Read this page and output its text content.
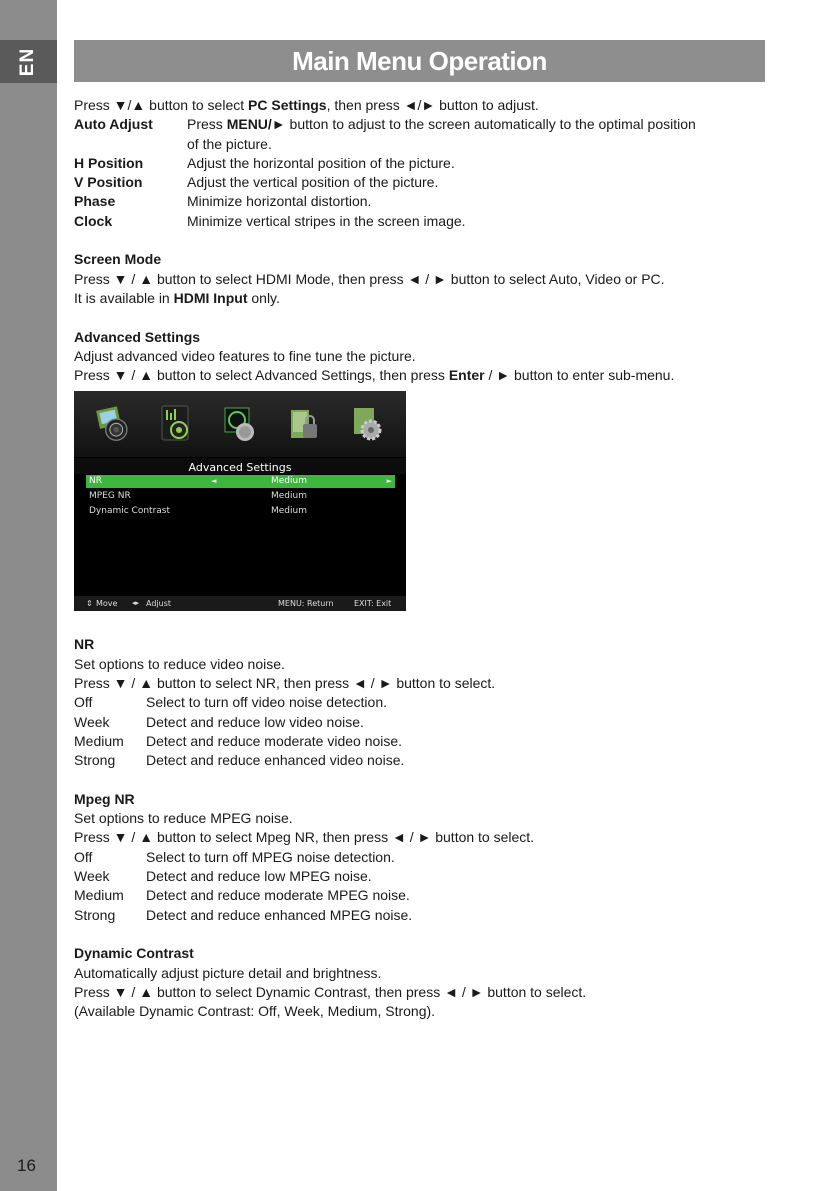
EN
16
Main Menu Operation
Press ▼/▲ button to select PC Settings, then press ◄/► button to adjust.
Auto Adjust	Press MENU/► button to adjust to the screen automatically to the optimal position
of the picture.
H Position	Adjust the horizontal position of the picture.
V Position	Adjust the vertical position of the picture.
Phase	Minimize horizontal distortion.
Clock	Minimize vertical stripes in the screen image.
Screen Mode
Press ▼ / ▲ button to select HDMI Mode, then press ◄ / ► button to select Auto, Video or PC.
It is available in HDMI Input only.
Advanced Settings
Adjust advanced video features to fine tune the picture.
Press ▼ / ▲ button to select Advanced Settings, then press Enter / ► button to enter sub-menu.
Advanced Settings
NR	◄	Medium	►
MPEG NR	Medium
Dynamic Contrast	Medium
⇕ Move ◂▸ Adjust	MENU: Return	EXIT: Exit
NR
Set options to reduce video noise.
Press ▼ / ▲ button to select NR, then press ◄ / ► button to select.
Off	Select to turn off video noise detection.
Week	Detect and reduce low video noise.
Medium	Detect and reduce moderate video noise.
Strong	Detect and reduce enhanced video noise.
Mpeg NR
Set options to reduce MPEG noise.
Press ▼ / ▲ button to select Mpeg NR, then press ◄ / ► button to select.
Off	Select to turn off MPEG noise detection.
Week	Detect and reduce low MPEG noise.
Medium	Detect and reduce moderate MPEG noise.
Strong	Detect and reduce enhanced MPEG noise.
Dynamic Contrast
Automatically adjust picture detail and brightness.
Press ▼ / ▲ button to select Dynamic Contrast, then press ◄ / ► button to select.
(Available Dynamic Contrast: Off, Week, Medium, Strong).
